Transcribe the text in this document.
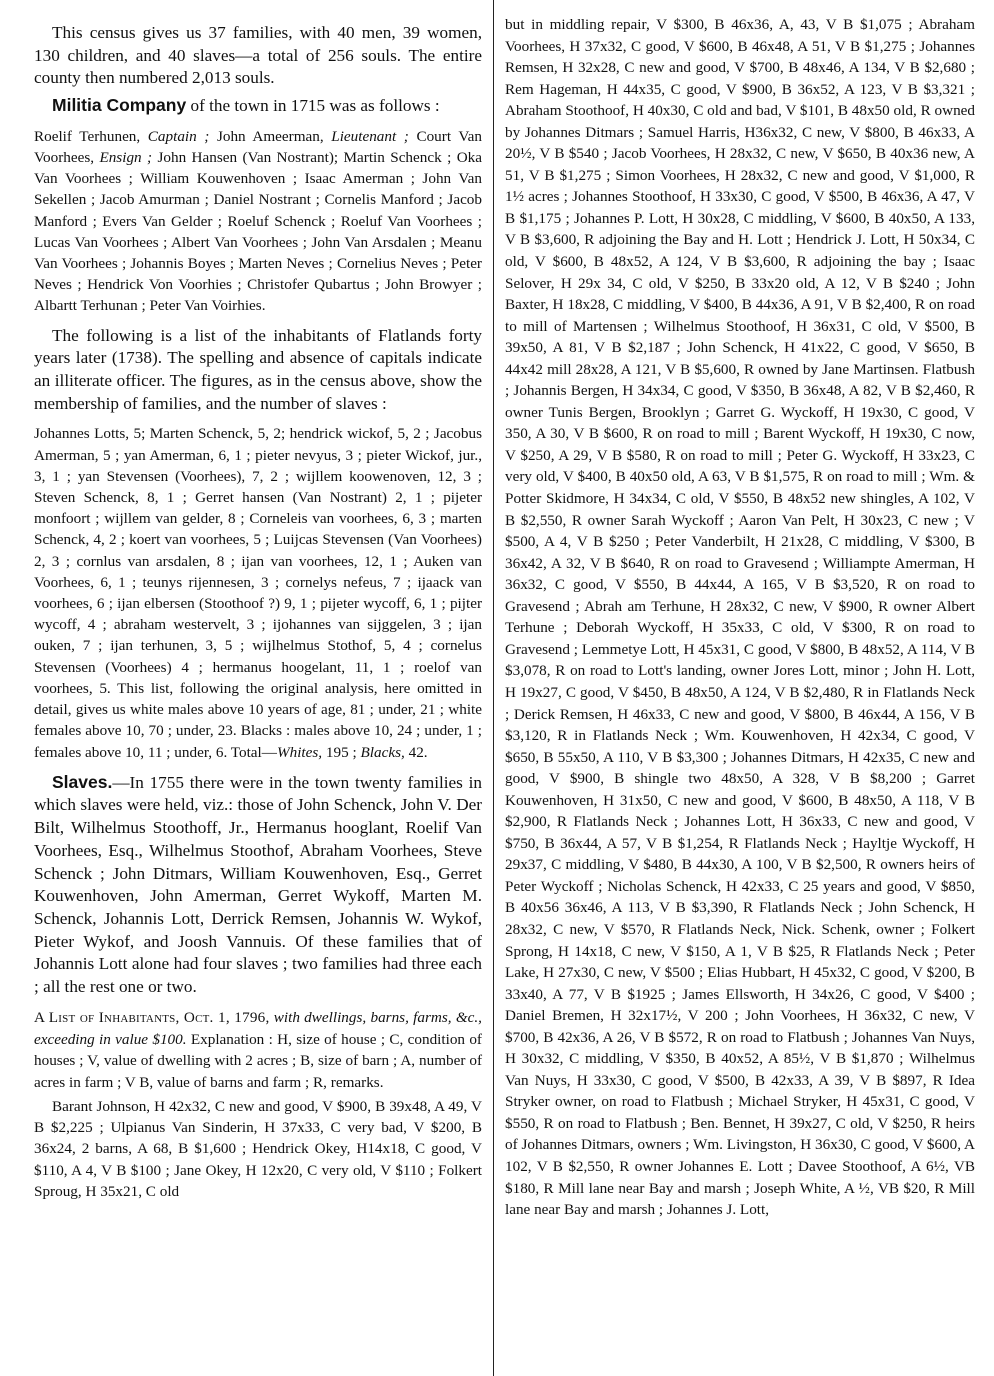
This census gives us 37 families, with 40 men, 39 women, 130 children, and 40 slaves—a total of 256 souls. The entire county then numbered 2,013 souls.

Militia Company of the town in 1715 was as follows :

Roelif Terhunen, Captain ; John Ameerman, Lieutenant ; Court Van Voorhees, Ensign ; John Hansen (Van Nostrant); Martin Schenck ; Oka Van Voorhees ; William Kouwenhoven ; Isaac Amerman ; John Van Sekellen ; Jacob Amurman ; Daniel Nostrant ; Cornelis Manford ; Jacob Manford ; Evers Van Gelder ; Roeluf Schenck ; Roeluf Van Voorhees ; Lucas Van Voorhees ; Albert Van Voorhees ; John Van Arsdalen ; Meanu Van Voorhees ; Johannis Boyes ; Marten Neves ; Cornelius Neves ; Peter Neves ; Hendrick Von Voorhies ; Christofer Qubartus ; John Browyer ; Albartt Terhunan ; Peter Van Voirhies.

The following is a list of the inhabitants of Flatlands forty years later (1738). The spelling and absence of capitals indicate an illiterate officer. The figures, as in the census above, show the membership of families, and the number of slaves :

Johannes Lotts, 5; Marten Schenck, 5, 2; hendrick wickof, 5, 2 ; Jacobus Amerman, 5 ; yan Amerman, 6, 1 ; pieter nevyus, 3 ; pieter Wickof, jur., 3, 1 ; yan Stevensen (Voorhees), 7, 2 ; wijllem koowenoven, 12, 3 ; Steven Schenck, 8, 1 ; Gerret hansen (Van Nostrant) 2, 1 ; pijeter monfoort ; wijllem van gelder, 8 ; Corneleis van voorhees, 6, 3 ; marten Schenck, 4, 2 ; koert van voorhees, 5 ; Luijcas Stevensen (Van Voorhees) 2, 3 ; cornlus van arsdalen, 8 ; ijan van voorhees, 12, 1 ; Auken van Voorhees, 6, 1 ; teunys rijennesen, 3 ; cornelys nefeus, 7 ; ijaack van voorhees, 6 ; ijan elbersen (Stoothoof ?) 9, 1 ; pijeter wycoff, 6, 1 ; pijter wycoff, 4 ; abraham westervelt, 3 ; ijohannes van sijggelen, 3 ; ijan ouken, 7 ; ijan terhunen, 3, 5 ; wijlhelmus Stothof, 5, 4 ; cornelus Stevensen (Voorhees) 4 ; hermanus hoogelant, 11, 1 ; roelof van voorhees, 5. This list, following the original analysis, here omitted in detail, gives us white males above 10 years of age, 81 ; under, 21 ; white females above 10, 70 ; under, 23. Blacks : males above 10, 24 ; under, 1 ; females above 10, 11 ; under, 6. Total—Whites, 195 ; Blacks, 42.

Slaves.—In 1755 there were in the town twenty families in which slaves were held, viz.: those of John Schenck, John V. Der Bilt, Wilhelmus Stoothoff, Jr., Hermanus hooglant, Roelif Van Voorhees, Esq., Wilhelmus Stoothof, Abraham Voorhees, Steve Schenck ; John Ditmars, William Kouwenhoven, Esq., Gerret Kouwenhoven, John Amerman, Gerret Wykoff, Marten M. Schenck, Johannis Lott, Derrick Remsen, Johannis W. Wykof, Pieter Wykof, and Joosh Vannuis. Of these families that of Johannis Lott alone had four slaves ; two families had three each ; all the rest one or two.

A List of Inhabitants, Oct. 1, 1796, with dwellings, barns, farms, &c., exceeding in value $100. Explanation : H, size of house ; C, condition of houses ; V, value of dwelling with 2 acres ; B, size of barn ; A, number of acres in farm ; V B, value of barns and farm ; R, remarks.

Barant Johnson, H 42x32, C new and good, V $900, B 39x48, A 49, V B $2,225 ; Ulpianus Van Sinderin, H 37x33, C very bad, V $200, B 36x24, 2 barns, A 68, B $1,600 ; Hendrick Okey, H14x18, C good, V $110, A 4, V B $100 ; Jane Okey, H 12x20, C very old, V $110 ; Folkert Sproug, H 35x21, C old

but in middling repair, V $300, B 46x36, A, 43, V B $1,075 ; Abraham Voorhees, H 37x32, C good, V $600, B 46x48, A 51, V B $1,275 ; Johannes Remsen, H 32x28, C new and good, V $700, B 48x46, A 134, V B $2,680 ; Rem Hageman, H 44x35, C good, V $900, B 36x52, A 123, V B $3,321 ; Abraham Stoothoof, H 40x30, C old and bad, V $101, B 48x50 old, R owned by Johannes Ditmars ; Samuel Harris, H36x32, C new, V $800, B 46x33, A 20½, V B $540 ; Jacob Voorhees, H 28x32, C new, V $650, B 40x36 new, A 51, V B $1,275 ; Simon Voorhees, H 28x32, C new and good, V $1,000, R 1½ acres ; Johannes Stoothoof, H 33x30, C good, V $500, B 46x36, A 47, V B $1,175 ; Johannes P. Lott, H 30x28, C middling, V $600, B 40x50, A 133, V B $3,600, R adjoining the Bay and H. Lott ; Hendrick J. Lott, H 50x34, C old, V $600, B 48x52, A 124, V B $3,600, R adjoining the bay ; Isaac Selover, H 29x 34, C old, V $250, B 33x20 old, A 12, V B $240 ; John Baxter, H 18x28, C middling, V $400, B 44x36, A 91, V B $2,400, R on road to mill of Martensen ; Wilhelmus Stoothoof, H 36x31, C old, V $500, B 39x50, A 81, V B $2,187 ; John Schenck, H 41x22, C good, V $650, B 44x42 mill 28x28, A 121, V B $5,600, R owned by Jane Martinsen. Flatbush ; Johannis Bergen, H 34x34, C good, V $350, B 36x48, A 82, V B $2,460, R owner Tunis Bergen, Brooklyn ; Garret G. Wyckoff, H 19x30, C good, V 350, A 30, V B $600, R on road to mill ; Barent Wyckoff, H 19x30, C now, V $250, A 29, V B $580, R on road to mill ; Peter G. Wyckoff, H 33x23, C very old, V $400, B 40x50 old, A 63, V B $1,575, R on road to mill ; Wm. & Potter Skidmore, H 34x34, C old, V $550, B 48x52 new shingles, A 102, V B $2,550, R owner Sarah Wyckoff ; Aaron Van Pelt, H 30x23, C new ; V $500, A 4, V B $250 ; Peter Vanderbilt, H 21x28, C middling, V $300, B 36x42, A 32, V B $640, R on road to Gravesend ; Williampte Amerman, H 36x32, C good, V $550, B 44x44, A 165, V B $3,520, R on road to Gravesend ; Abrah am Terhune, H 28x32, C new, V $900, R owner Albert Terhune ; Deborah Wyckoff, H 35x33, C old, V $300, R on road to Gravesend ; Lemmetye Lott, H 45x31, C good, V $800, B 48x52, A 114, V B $3,078, R on road to Lott's landing, owner Jores Lott, minor ; John H. Lott, H 19x27, C good, V $450, B 48x50, A 124, V B $2,480, R in Flatlands Neck ; Derick Remsen, H 46x33, C new and good, V $800, B 46x44, A 156, V B $3,120, R in Flatlands Neck ; Wm. Kouwenhoven, H 42x34, C good, V $650, B 55x50, A 110, V B $3,300 ; Johannes Ditmars, H 42x35, C new and good, V $900, B shingle two 48x50, A 328, V B $8,200 ; Garret Kouwenhoven, H 31x50, C new and good, V $600, B 48x50, A 118, V B $2,900, R Flatlands Neck ; Johannes Lott, H 36x33, C new and good, V $750, B 36x44, A 57, V B $1,254, R Flatlands Neck ; Hayltje Wyckoff, H 29x37, C middling, V $480, B 44x30, A 100, V B $2,500, R owners heirs of Peter Wyckoff ; Nicholas Schenck, H 42x33, C 25 years and good, V $850, B 40x56 36x46, A 113, V B $3,390, R Flatlands Neck ; John Schenck, H 28x32, C new, V $570, R Flatlands Neck, Nick. Schenk, owner ; Folkert Sprong, H 14x18, C new, V $150, A 1, V B $25, R Flatlands Neck ; Peter Lake, H 27x30, C new, V $500 ; Elias Hubbart, H 45x32, C good, V $200, B 33x40, A 77, V B $1925 ; James Ellsworth, H 34x26, C good, V $400 ; Daniel Bremen, H 32x17½, V 200 ; John Voorhees, H 36x32, C new, V $700, B 42x36, A 26, V B $572, R on road to Flatbush ; Johannes Van Nuys, H 30x32, C middling, V $350, B 40x52, A 85½, V B $1,870 ; Wilhelmus Van Nuys, H 33x30, C good, V $500, B 42x33, A 39, V B $897, R Idea Stryker owner, on road to Flatbush ; Michael Stryker, H 45x31, C good, V $550, R on road to Flatbush ; Ben. Bennet, H 39x27, C old, V $250, R heirs of Johannes Ditmars, owners ; Wm. Livingston, H 36x30, C good, V $600, A 102, V B $2,550, R owner Johannes E. Lott ; Davee Stoothoof, A 6½, VB $180, R Mill lane near Bay and marsh ; Joseph White, A ½, VB $20, R Mill lane near Bay and marsh ; Johannes J. Lott,
